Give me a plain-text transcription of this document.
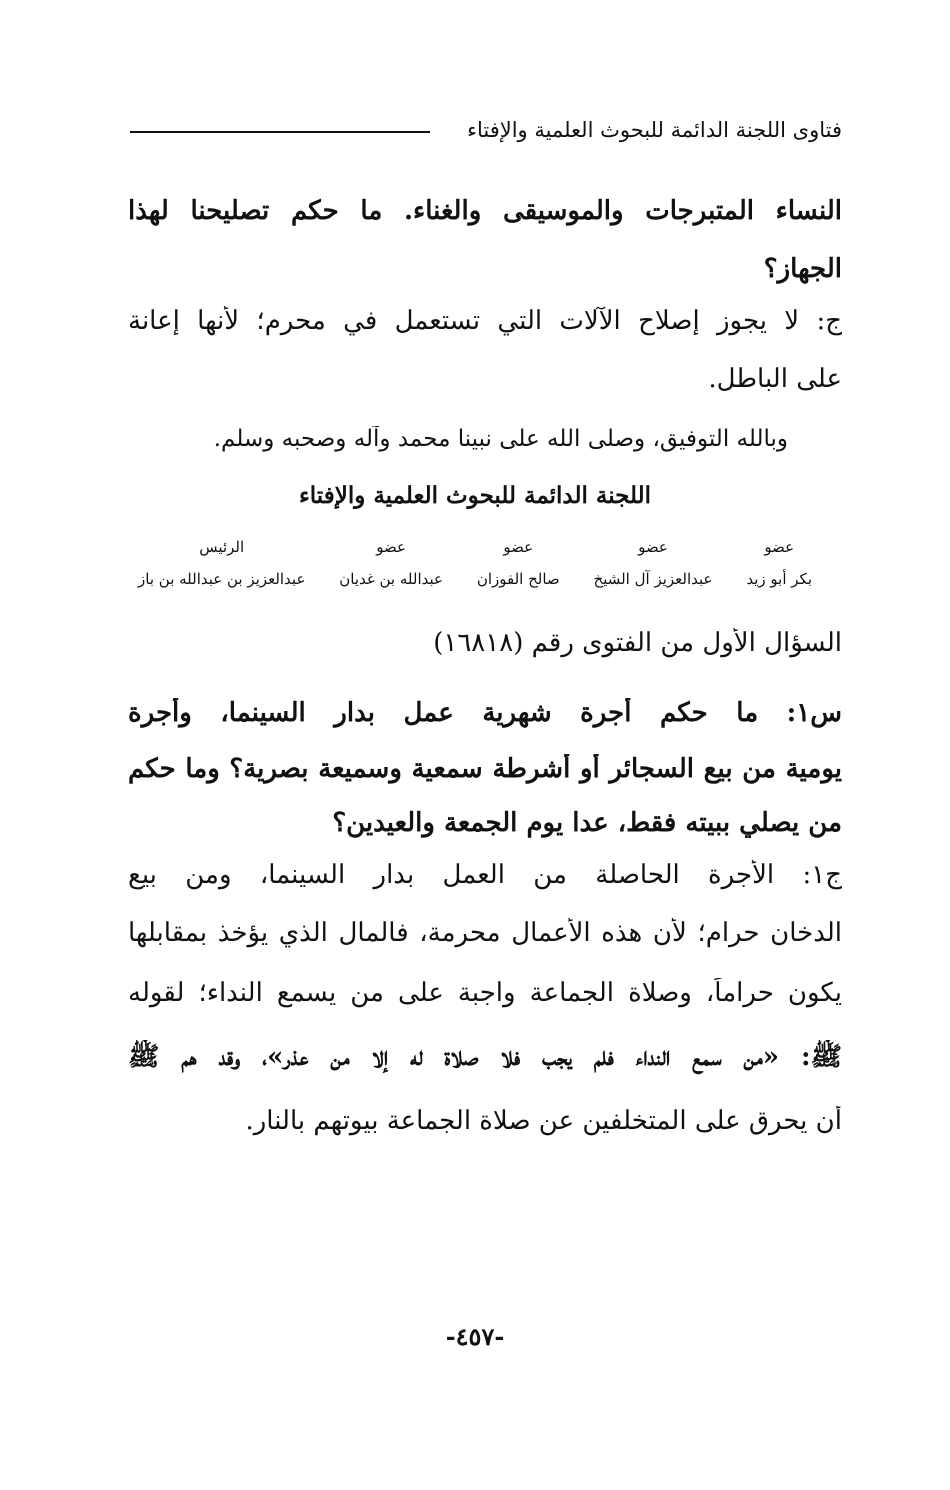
فتاوى اللجنة الدائمة للبحوث العلمية والإفتاء
النساء المتبرجات والموسيقى والغناء. ما حكم تصليحنا لهذا
الجهاز؟
ج: لا يجوز إصلاح الآلات التي تستعمل في محرم؛ لأنها إعانة
على الباطل.
وبالله التوفيق، وصلى الله على نبينا محمد وآله وصحبه وسلم.
اللجنة الدائمة للبحوث العلمية والإفتاء
عضو
بكر أبو زيد
عضو
عبدالعزيز آل الشيخ
عضو
صالح الفوزان
عضو
عبدالله بن غديان
الرئيس
عبدالعزيز بن عبدالله بن باز
السؤال الأول من الفتوى رقم (١٦٨١٨)
س١: ما حكم أجرة شهرية عمل بدار السينما، وأجرة
يومية من بيع السجائر أو أشرطة سمعية وسميعة بصرية؟ وما حكم
من يصلي ببيته فقط، عدا يوم الجمعة والعيدين؟
ج١: الأجرة الحاصلة من العمل بدار السينما، ومن بيع
الدخان حرام؛ لأن هذه الأعمال محرمة، فالمال الذي يؤخذ بمقابلها
يكون حراماً، وصلاة الجماعة واجبة على من يسمع النداء؛ لقوله
ﷺ: «من سمع النداء فلم يجب فلا صلاة له إلا من عذر»، وقد هم ﷺ
أن يحرق على المتخلفين عن صلاة الجماعة بيوتهم بالنار.
-٤٥٧-
